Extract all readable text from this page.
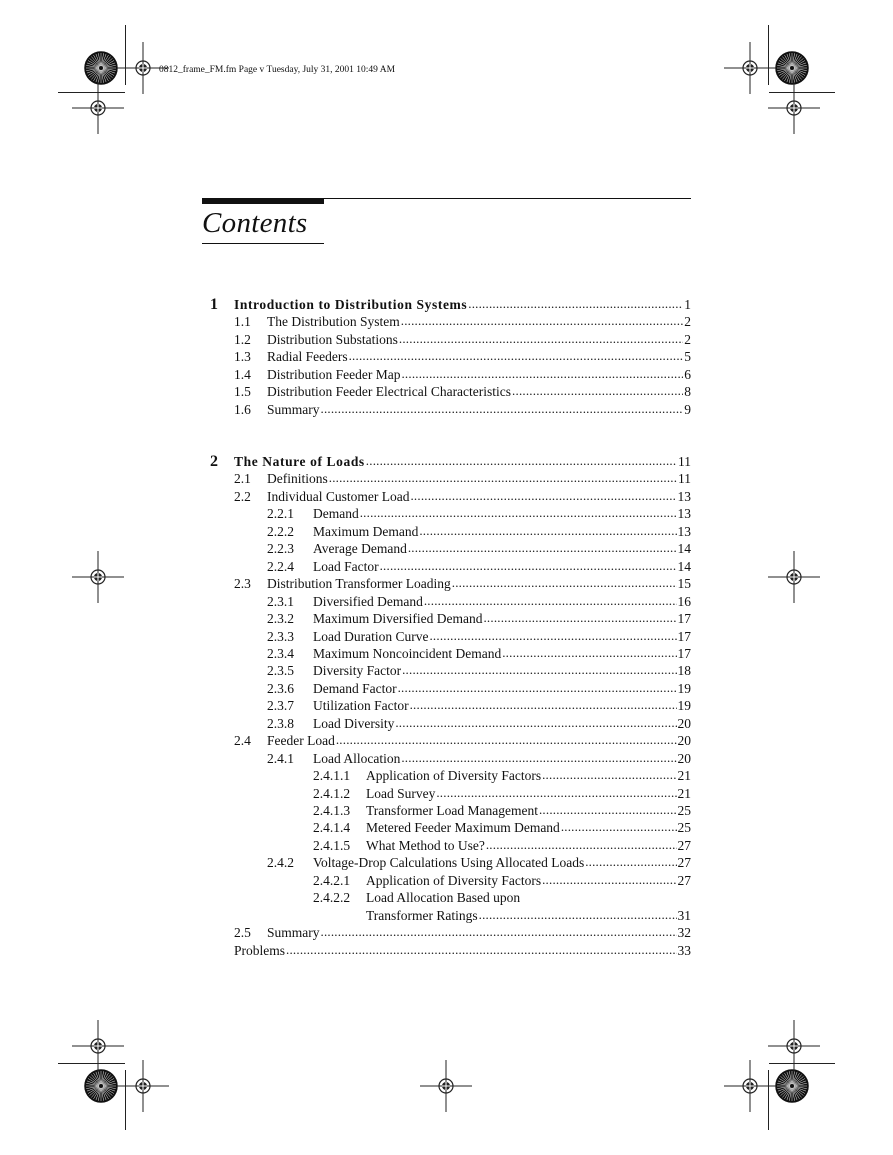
0812_frame_FM.fm Page v Tuesday, July 31, 2001 10:49 AM
Contents
1 Introduction to Distribution Systems .....	1
1.1 The Distribution System .....	2
1.2 Distribution Substations .....	2
1.3 Radial Feeders .....	5
1.4 Distribution Feeder Map .....	6
1.5 Distribution Feeder Electrical Characteristics .....	8
1.6 Summary .....	9
2 The Nature of Loads .....	11
2.1 Definitions .....	11
2.2 Individual Customer Load .....	13
2.2.1 Demand .....	13
2.2.2 Maximum Demand .....	13
2.2.3 Average Demand .....	14
2.2.4 Load Factor .....	14
2.3 Distribution Transformer Loading .....	15
2.3.1 Diversified Demand .....	16
2.3.2 Maximum Diversified Demand .....	17
2.3.3 Load Duration Curve .....	17
2.3.4 Maximum Noncoincident Demand .....	17
2.3.5 Diversity Factor .....	18
2.3.6 Demand Factor .....	19
2.3.7 Utilization Factor .....	19
2.3.8 Load Diversity .....	20
2.4 Feeder Load .....	20
2.4.1 Load Allocation .....	20
2.4.1.1 Application of Diversity Factors .....	21
2.4.1.2 Load Survey .....	21
2.4.1.3 Transformer Load Management .....	25
2.4.1.4 Metered Feeder Maximum Demand .....	25
2.4.1.5 What Method to Use? .....	27
2.4.2 Voltage-Drop Calculations Using Allocated Loads .....	27
2.4.2.1 Application of Diversity Factors .....	27
2.4.2.2 Load Allocation Based upon
Transformer Ratings .....	31
2.5 Summary .....	32
Problems .....	33
